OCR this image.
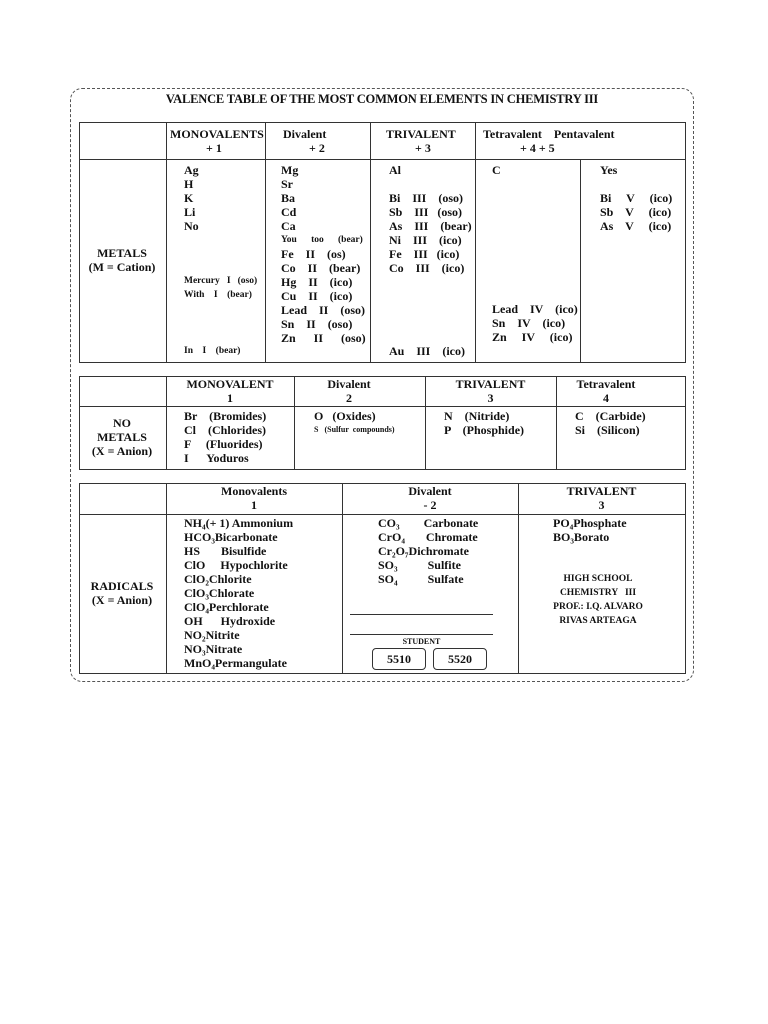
VALENCE TABLE OF THE MOST COMMON ELEMENTS IN CHEMISTRY III
METALS
(M = Cation)
MONOVALENTS
+ 1
Divalent
+ 2
TRIVALENT
+ 3
Tetravalent    Pentavalent
+ 4 + 5
Ag
H
K
Li
No
Mercury   I   (oso)
With    I    (bear)
In    I    (bear)
Mg
Sr
Ba
Cd
Ca
You      too      (bear)
Fe    II    (os)
Co    II    (bear)
Hg    II    (ico)
Cu    II    (ico)
Lead    II    (oso)
Sn    II    (oso)
Zn      II      (oso)
Al
Bi    III    (oso)
Sb    III   (oso)
As    III    (bear)
Ni    III    (ico)
Fe    III   (ico)
Co    III    (ico)
Au    III    (ico)
C
Lead    IV    (ico)
Sn    IV    (ico)
Zn     IV     (ico)
Yes
Bi     V     (ico)
Sb    V     (ico)
As    V     (ico)
NO
METALS
(X = Anion)
MONOVALENT
1
Divalent
2
TRIVALENT
3
Tetravalent
4
Br    (Bromides)
Cl    (Chlorides)
F     (Fluorides)
I      Yoduros
O   (Oxides)
S   (Sulfur  compounds)
N    (Nitride)
P    (Phosphide)
C    (Carbide)
Si    (Silicon)
RADICALS
(X = Anion)
Monovalents
1
Divalent
- 2
TRIVALENT
3
NH₄(+ 1) Ammonium
HCO₃Bicarbonate
HS       Bisulfide
ClO     Hypochlorite
ClO₂Chlorite
ClO₃Chlorate
ClO₄Perchlorate
OH      Hydroxide
NO₂Nitrite
NO₃Nitrate
MnO₄Permangulate
CO₃        Carbonate
CrO₄       Chromate
Cr₂O₇Dichromate
SO₃          Sulfite
SO₄          Sulfate
STUDENT
5510	5520
PO₄Phosphate
BO₃Borato
HIGH SCHOOL
CHEMISTRY   III
PROF.: I.Q. ALVARO
RIVAS ARTEAGA
